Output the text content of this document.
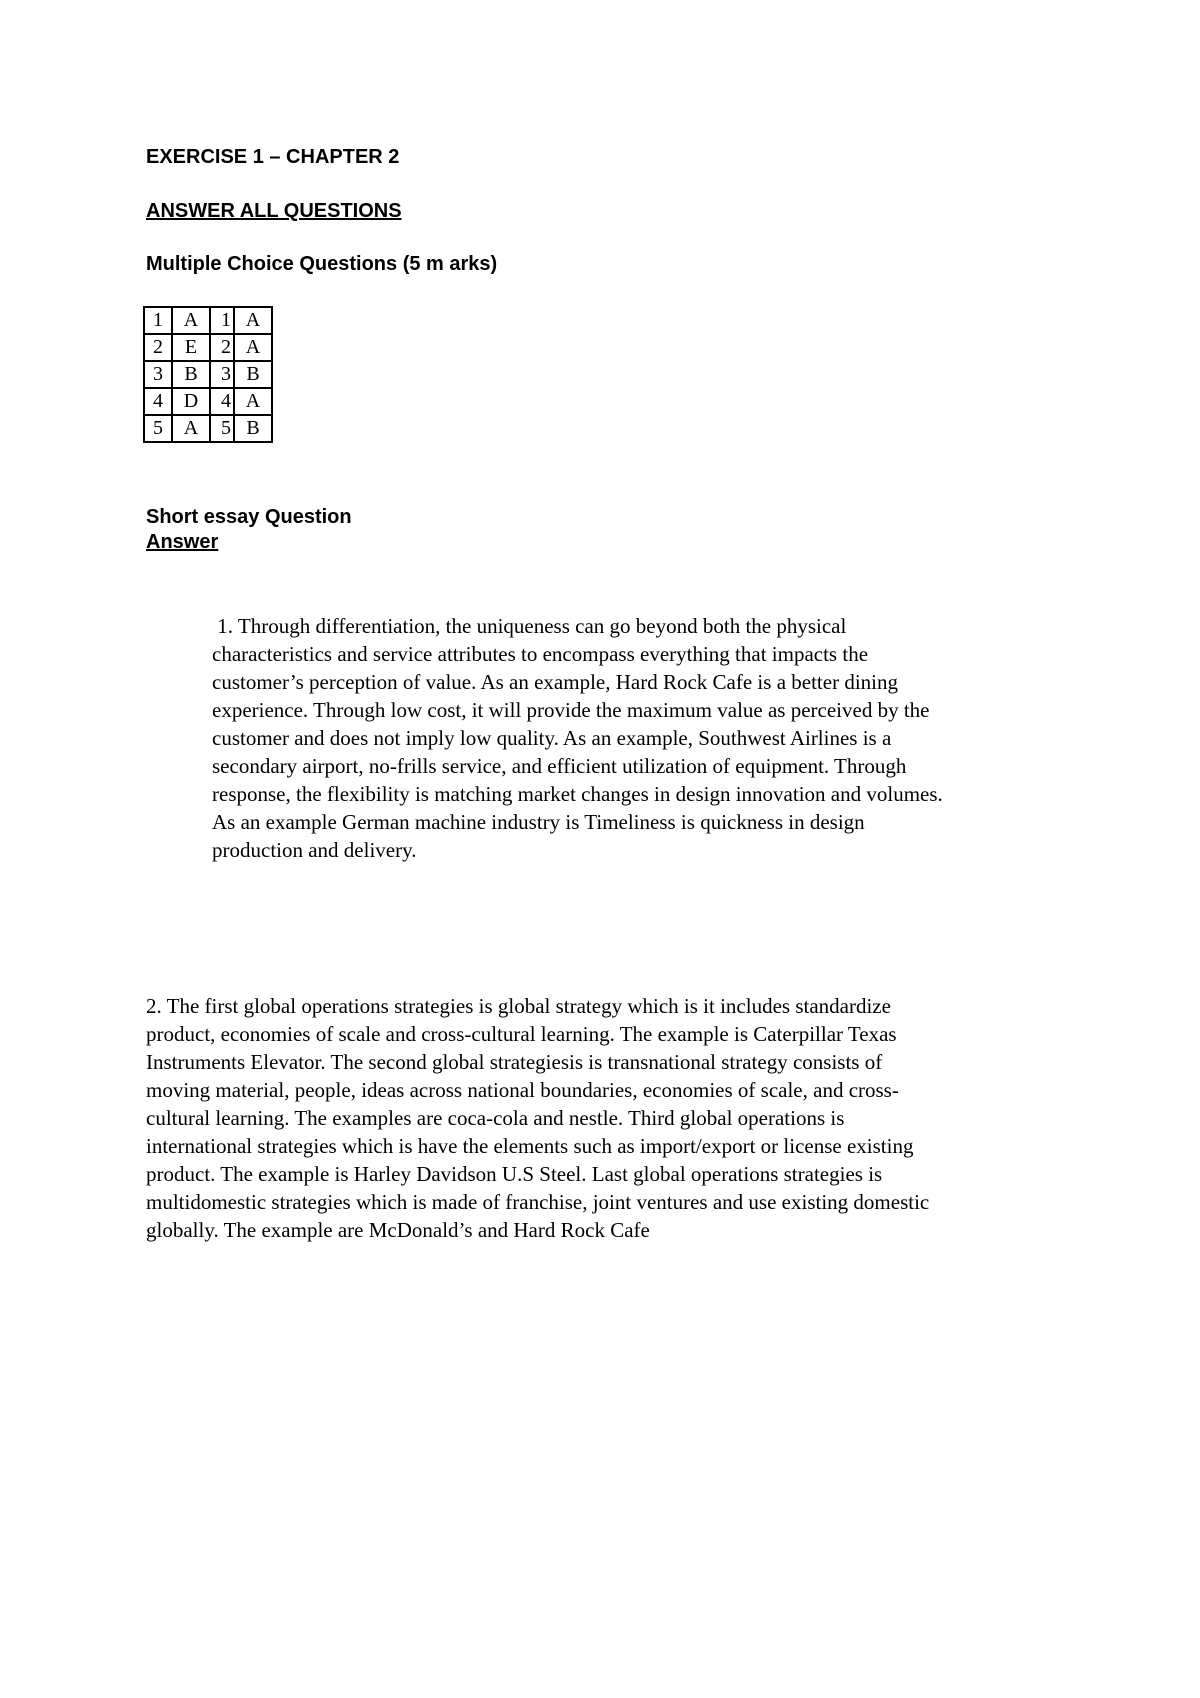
EXERCISE 1 – CHAPTER 2
ANSWER ALL QUESTIONS
Multiple Choice Questions (5 m arks)
1	A	1	A
2	E	2	A
3	B	3	B
4	D	4	A
5	A	5	B
Short essay Question
Answer
1. Through differentiation, the uniqueness can go beyond both the physical
characteristics and service attributes to encompass everything that impacts the
customer’s perception of value. As an example, Hard Rock Cafe is a better dining
experience. Through low cost, it will provide the maximum value as perceived by the
customer and does not imply low quality. As an example, Southwest Airlines is a
secondary airport, no-frills service, and efficient utilization of equipment. Through
response, the flexibility is matching market changes in design innovation and volumes.
As an example German machine industry is Timeliness is quickness in design
production and delivery.
2. The first global operations strategies is global strategy which is it includes standardize
product, economies of scale and cross-cultural learning. The example is Caterpillar Texas
Instruments Elevator. The second global strategiesis is transnational strategy consists of
moving material, people, ideas across national boundaries, economies of scale, and cross-
cultural learning. The examples are coca-cola and nestle. Third global operations is
international strategies which is have the elements such as import/export or license existing
product. The example is Harley Davidson U.S Steel. Last global operations strategies is
multidomestic strategies which is made of franchise, joint ventures and use existing domestic
globally. The example are McDonald’s and Hard Rock Cafe
